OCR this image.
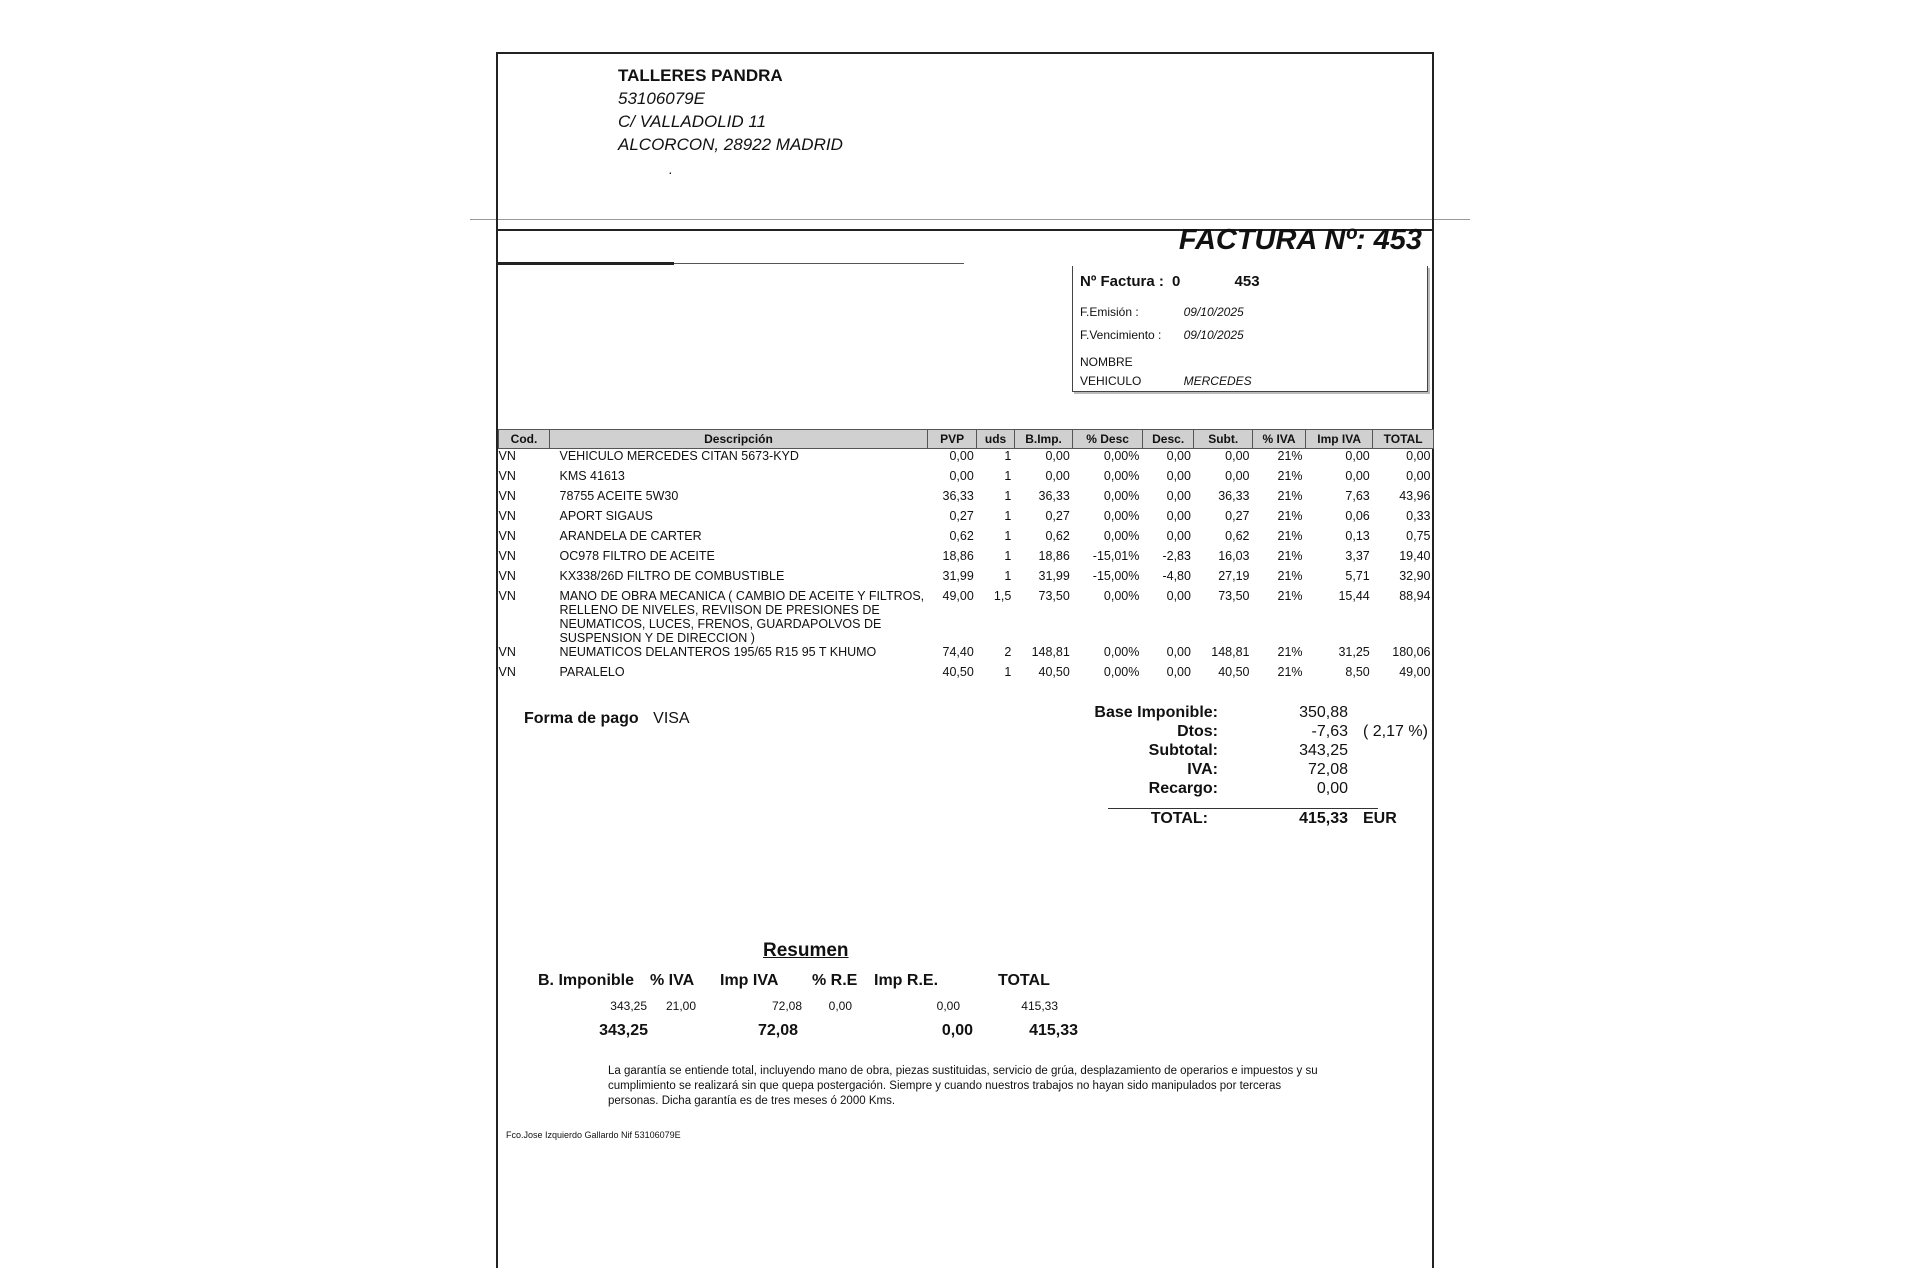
TALLERES PANDRA
53106079E
C/ VALLADOLID 11
ALCORCON, 28922 MADRID
·
FACTURA Nº: 453
Nº Factura : 0	453
F.Emisión :	09/10/2025
F.Vencimiento : 09/10/2025
NOMBRE
VEHICULO	MERCEDES
Cod.	Descripción	PVP	uds	B.Imp.	% Desc	Desc.	Subt.	% IVA	Imp IVA	TOTAL
VN	VEHICULO MERCEDES CITAN 5673-KYD	0,00	1	0,00	0,00%	0,00	0,00	21%	0,00	0,00
VN	KMS 41613	0,00	1	0,00	0,00%	0,00	0,00	21%	0,00	0,00
VN	78755 ACEITE 5W30	36,33	1	36,33	0,00%	0,00	36,33	21%	7,63	43,96
VN	APORT SIGAUS	0,27	1	0,27	0,00%	0,00	0,27	21%	0,06	0,33
VN	ARANDELA DE CARTER	0,62	1	0,62	0,00%	0,00	0,62	21%	0,13	0,75
VN	OC978 FILTRO DE ACEITE	18,86	1	18,86	-15,01%	-2,83	16,03	21%	3,37	19,40
VN	KX338/26D FILTRO DE COMBUSTIBLE	31,99	1	31,99	-15,00%	-4,80	27,19	21%	5,71	32,90
VN	MANO DE OBRA MECANICA ( CAMBIO DE ACEITE Y FILTROS, RELLENO DE NIVELES, REVIISON DE PRESIONES DE NEUMATICOS, LUCES, FRENOS, GUARDAPOLVOS DE SUSPENSION Y DE DIRECCION )	49,00	1,5	73,50	0,00%	0,00	73,50	21%	15,44	88,94
VN	NEUMATICOS DELANTEROS 195/65 R15 95 T KHUMO	74,40	2	148,81	0,00%	0,00	148,81	21%	31,25	180,06
VN	PARALELO	40,50	1	40,50	0,00%	0,00	40,50	21%	8,50	49,00
Forma de pago VISA	Base Imponible:	350,88
Dtos:	-7,63 ( 2,17 %)
Subtotal:	343,25
IVA:	72,08
Recargo:	0,00
TOTAL:	415,33 EUR
Resumen
B. Imponible % IVA Imp IVA % R.E Imp R.E.	TOTAL
343,25	21,00	72,08	0,00	0,00	415,33
343,25	72,08	0,00	415,33
La garantía se entiende total, incluyendo mano de obra, piezas sustituidas, servicio de grúa, desplazamiento de operarios e impuestos y su cumplimiento se realizará sin que quepa postergación. Siempre y cuando nuestros trabajos no hayan sido manipulados por terceras personas. Dicha garantía es de tres meses ó 2000 Kms.
Fco.Jose Izquierdo Gallardo Nif 53106079E
